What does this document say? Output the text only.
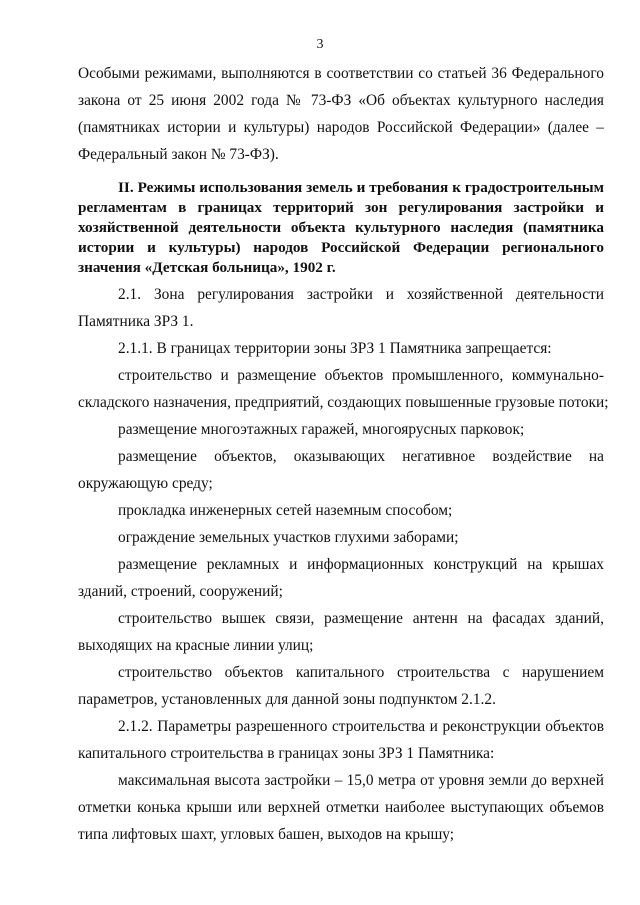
3
Особыми режимами, выполняются в соответствии со статьей 36 Федерального
закона от 25 июня 2002 года № 73-ФЗ «Об объектах культурного наследия
(памятниках истории и культуры) народов Российской Федерации» (далее –
Федеральный закон № 73-ФЗ).
II. Режимы использования земель и требования к градостроительным
регламентам в границах территорий зон регулирования застройки и
хозяйственной деятельности объекта культурного наследия (памятника
истории и культуры) народов Российской Федерации регионального
значения «Детская больница», 1902 г.
2.1. Зона регулирования застройки и хозяйственной деятельности
Памятника ЗРЗ 1.
2.1.1. В границах территории зоны ЗРЗ 1 Памятника запрещается:
строительство и размещение объектов промышленного, коммунально-
складского назначения, предприятий, создающих повышенные грузовые потоки;
размещение многоэтажных гаражей, многоярусных парковок;
размещение объектов, оказывающих негативное воздействие на
окружающую среду;
прокладка инженерных сетей наземным способом;
ограждение земельных участков глухими заборами;
размещение рекламных и информационных конструкций на крышах
зданий, строений, сооружений;
строительство вышек связи, размещение антенн на фасадах зданий,
выходящих на красные линии улиц;
строительство объектов капитального строительства с нарушением
параметров, установленных для данной зоны подпунктом 2.1.2.
2.1.2. Параметры разрешенного строительства и реконструкции объектов
капитального строительства в границах зоны ЗРЗ 1 Памятника:
максимальная высота застройки – 15,0 метра от уровня земли до верхней
отметки конька крыши или верхней отметки наиболее выступающих объемов
типа лифтовых шахт, угловых башен, выходов на крышу;
